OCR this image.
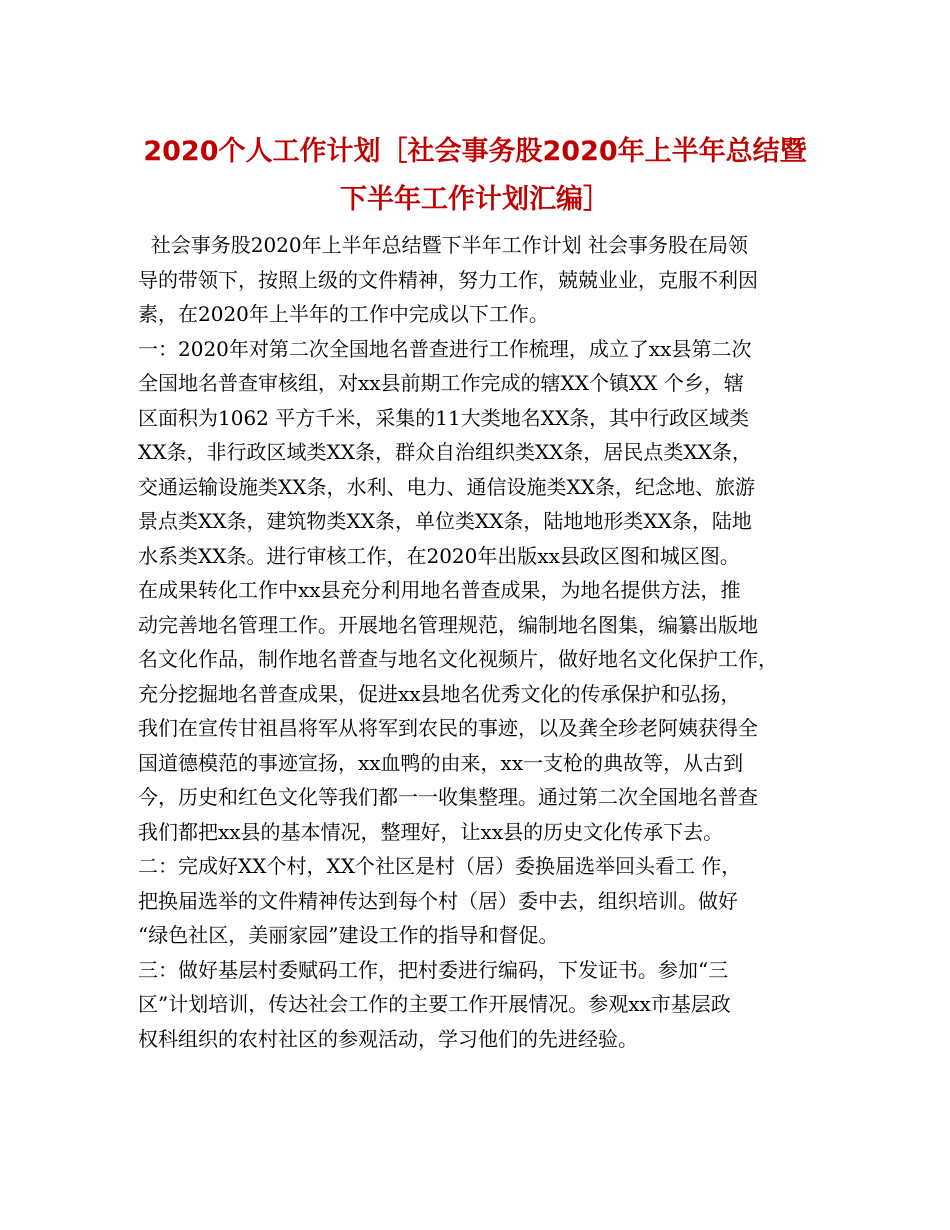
2020个人工作计划［社会事务股2020年上半年总结暨
下半年工作计划汇编］
社会事务股2020年上半年总结暨下半年工作计划 社会事务股在局领
导的带领下，按照上级的文件精神，努力工作，兢兢业业，克服不利因
素，在2020年上半年的工作中完成以下工作。
一：2020年对第二次全国地名普查进行工作梳理，成立了xx县第二次
全国地名普查审核组，对xx县前期工作完成的辖XX个镇XX 个乡，辖
区面积为1062 平方千米，采集的11大类地名XX条，其中行政区域类
XX条，非行政区域类XX条，群众自治组织类XX条，居民点类XX条，
交通运输设施类XX条，水利、电力、通信设施类XX条，纪念地、旅游
景点类XX条，建筑物类XX条，单位类XX条，陆地地形类XX条，陆地
水系类XX条。进行审核工作，在2020年出版xx县政区图和城区图。
在成果转化工作中xx县充分利用地名普查成果，为地名提供方法，推
动完善地名管理工作。开展地名管理规范，编制地名图集，编纂出版地
名文化作品，制作地名普查与地名文化视频片，做好地名文化保护工作，
充分挖掘地名普查成果，促进xx县地名优秀文化的传承保护和弘扬，
我们在宣传甘祖昌将军从将军到农民的事迹，以及龚全珍老阿姨获得全
国道德模范的事迹宣扬，xx血鸭的由来，xx一支枪的典故等，从古到
今，历史和红色文化等我们都一一收集整理。通过第二次全国地名普查
我们都把xx县的基本情况，整理好，让xx县的历史文化传承下去。
二：完成好XX个村，XX个社区是村（居）委换届选举回头看工 作，
把换届选举的文件精神传达到每个村（居）委中去，组织培训。做好
“绿色社区，美丽家园”建设工作的指导和督促。
三：做好基层村委赋码工作，把村委进行编码，下发证书。参加“三
区”计划培训，传达社会工作的主要工作开展情况。参观xx市基层政
权科组织的农村社区的参观活动，学习他们的先进经验。
